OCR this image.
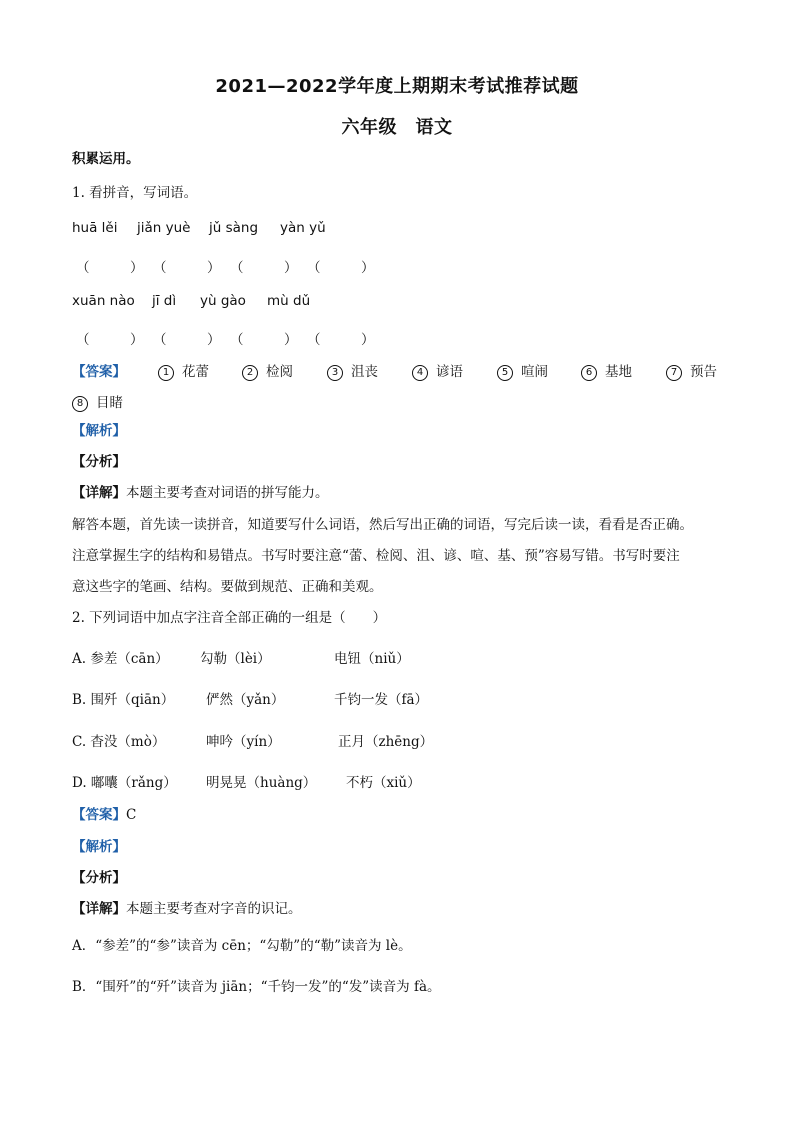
2021—2022学年度上期期末考试推荐试题
六年级　语文
积累运用。
1. 看拼音，写词语。
huā lěi jiǎn yuè jǔ sàng yàn yǔ
（　　　） （　　　） （　　　） （　　　）
xuān nào jī dì yù gào mù dǔ
（　　　） （　　　） （　　　） （　　　）
【答案】	1 花蕾	2 检阅	3 沮丧	4 谚语	5 喧闹	6 基地	7 预告
8 目睹
【解析】
【分析】
【详解】本题主要考查对词语的拼写能力。
解答本题，首先读一读拼音，知道要写什么词语，然后写出正确的词语，写完后读一读，看看是否正确。
注意掌握生字的结构和易错点。书写时要注意“蕾、检阅、沮、谚、喧、基、预”容易写错。书写时要注
意这些字的笔画、结构。要做到规范、正确和美观。
2. 下列词语中加点字注音全部正确的一组是（　　）
A. 参差（cān） 勾勒（lèi）	电钮（niǔ）
B. 围歼（qiān） 俨然（yǎn）	千钧一发（fā）
C. 杳没（mò）	呻吟（yín）	正月（zhēng）
D. 嘟囔（rǎng） 明晃晃（huàng） 不朽（xiǔ）
【答案】C
【解析】
【分析】
【详解】本题主要考查对字音的识记。
A．“参差”的“参”读音为 cēn；“勾勒”的“勒”读音为 lè。
B．“围歼”的“歼”读音为 jiān；“千钧一发”的“发”读音为 fà。
